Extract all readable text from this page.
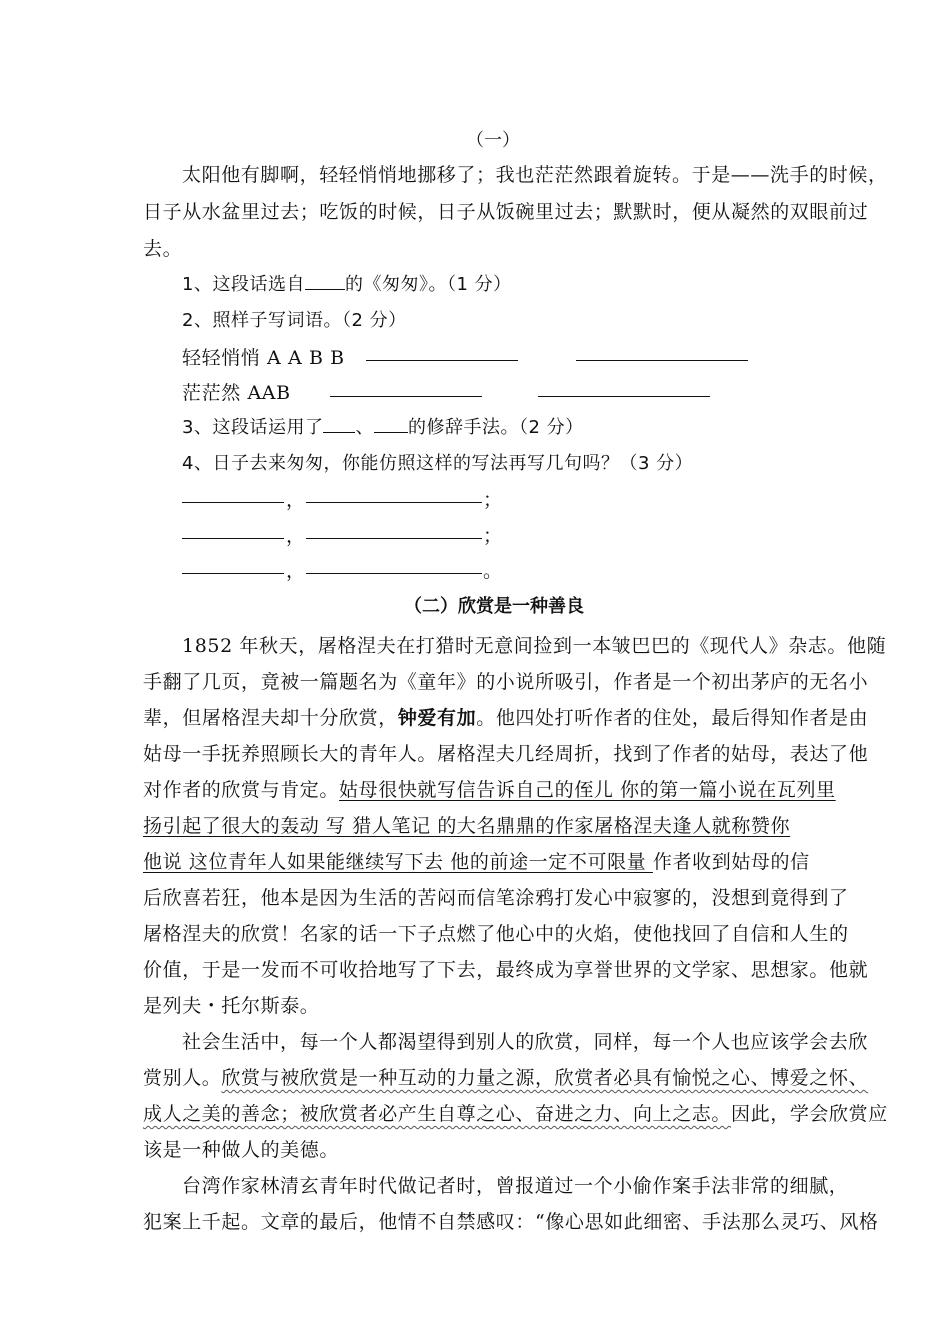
（一）
太阳他有脚啊，轻轻悄悄地挪移了；我也茫茫然跟着旋转。于是——洗手的时候，
日子从水盆里过去；吃饭的时候，日子从饭碗里过去；默默时，便从凝然的双眼前过
去。
1、这段话选自 的《匆匆》。（1 分）
2、照样子写词语。（2 分）
轻轻悄悄 A A B B
茫茫然 AAB
3、这段话运用了 、 的修辞手法。（2 分）
4、日子去来匆匆，你能仿照这样的写法再写几句吗？（3 分）
，	；
，	；
，	。
（二）欣赏是一种善良
1852 年秋天，屠格涅夫在打猎时无意间捡到一本皱巴巴的《现代人》杂志。他随
手翻了几页，竟被一篇题名为《童年》的小说所吸引，作者是一个初出茅庐的无名小
辈，但屠格涅夫却十分欣赏，钟爱有加。他四处打听作者的住处，最后得知作者是由
姑母一手抚养照顾长大的青年人。屠格涅夫几经周折，找到了作者的姑母，表达了他
对作者的欣赏与肯定。姑母很快就写信告诉自己的侄儿 你的第一篇小说在瓦列里
扬引起了很大的轰动 写 猎人笔记 的大名鼎鼎的作家屠格涅夫逢人就称赞你
他说 这位青年人如果能继续写下去 他的前途一定不可限量 作者收到姑母的信
后欣喜若狂，他本是因为生活的苦闷而信笔涂鸦打发心中寂寥的，没想到竟得到了
屠格涅夫的欣赏！名家的话一下子点燃了他心中的火焰，使他找回了自信和人生的
价值，于是一发而不可收拾地写了下去，最终成为享誉世界的文学家、思想家。他就
是列夫・托尔斯泰。
社会生活中，每一个人都渴望得到别人的欣赏，同样，每一个人也应该学会去欣
赏别人。欣赏与被欣赏是一种互动的力量之源，欣赏者必具有愉悦之心、博爱之怀、
成人之美的善念；被欣赏者必产生自尊之心、奋进之力、向上之志。因此，学会欣赏应
该是一种做人的美德。
台湾作家林清玄青年时代做记者时，曾报道过一个小偷作案手法非常的细腻，
犯案上千起。文章的最后，他情不自禁感叹：“像心思如此细密、手法那么灵巧、风格
